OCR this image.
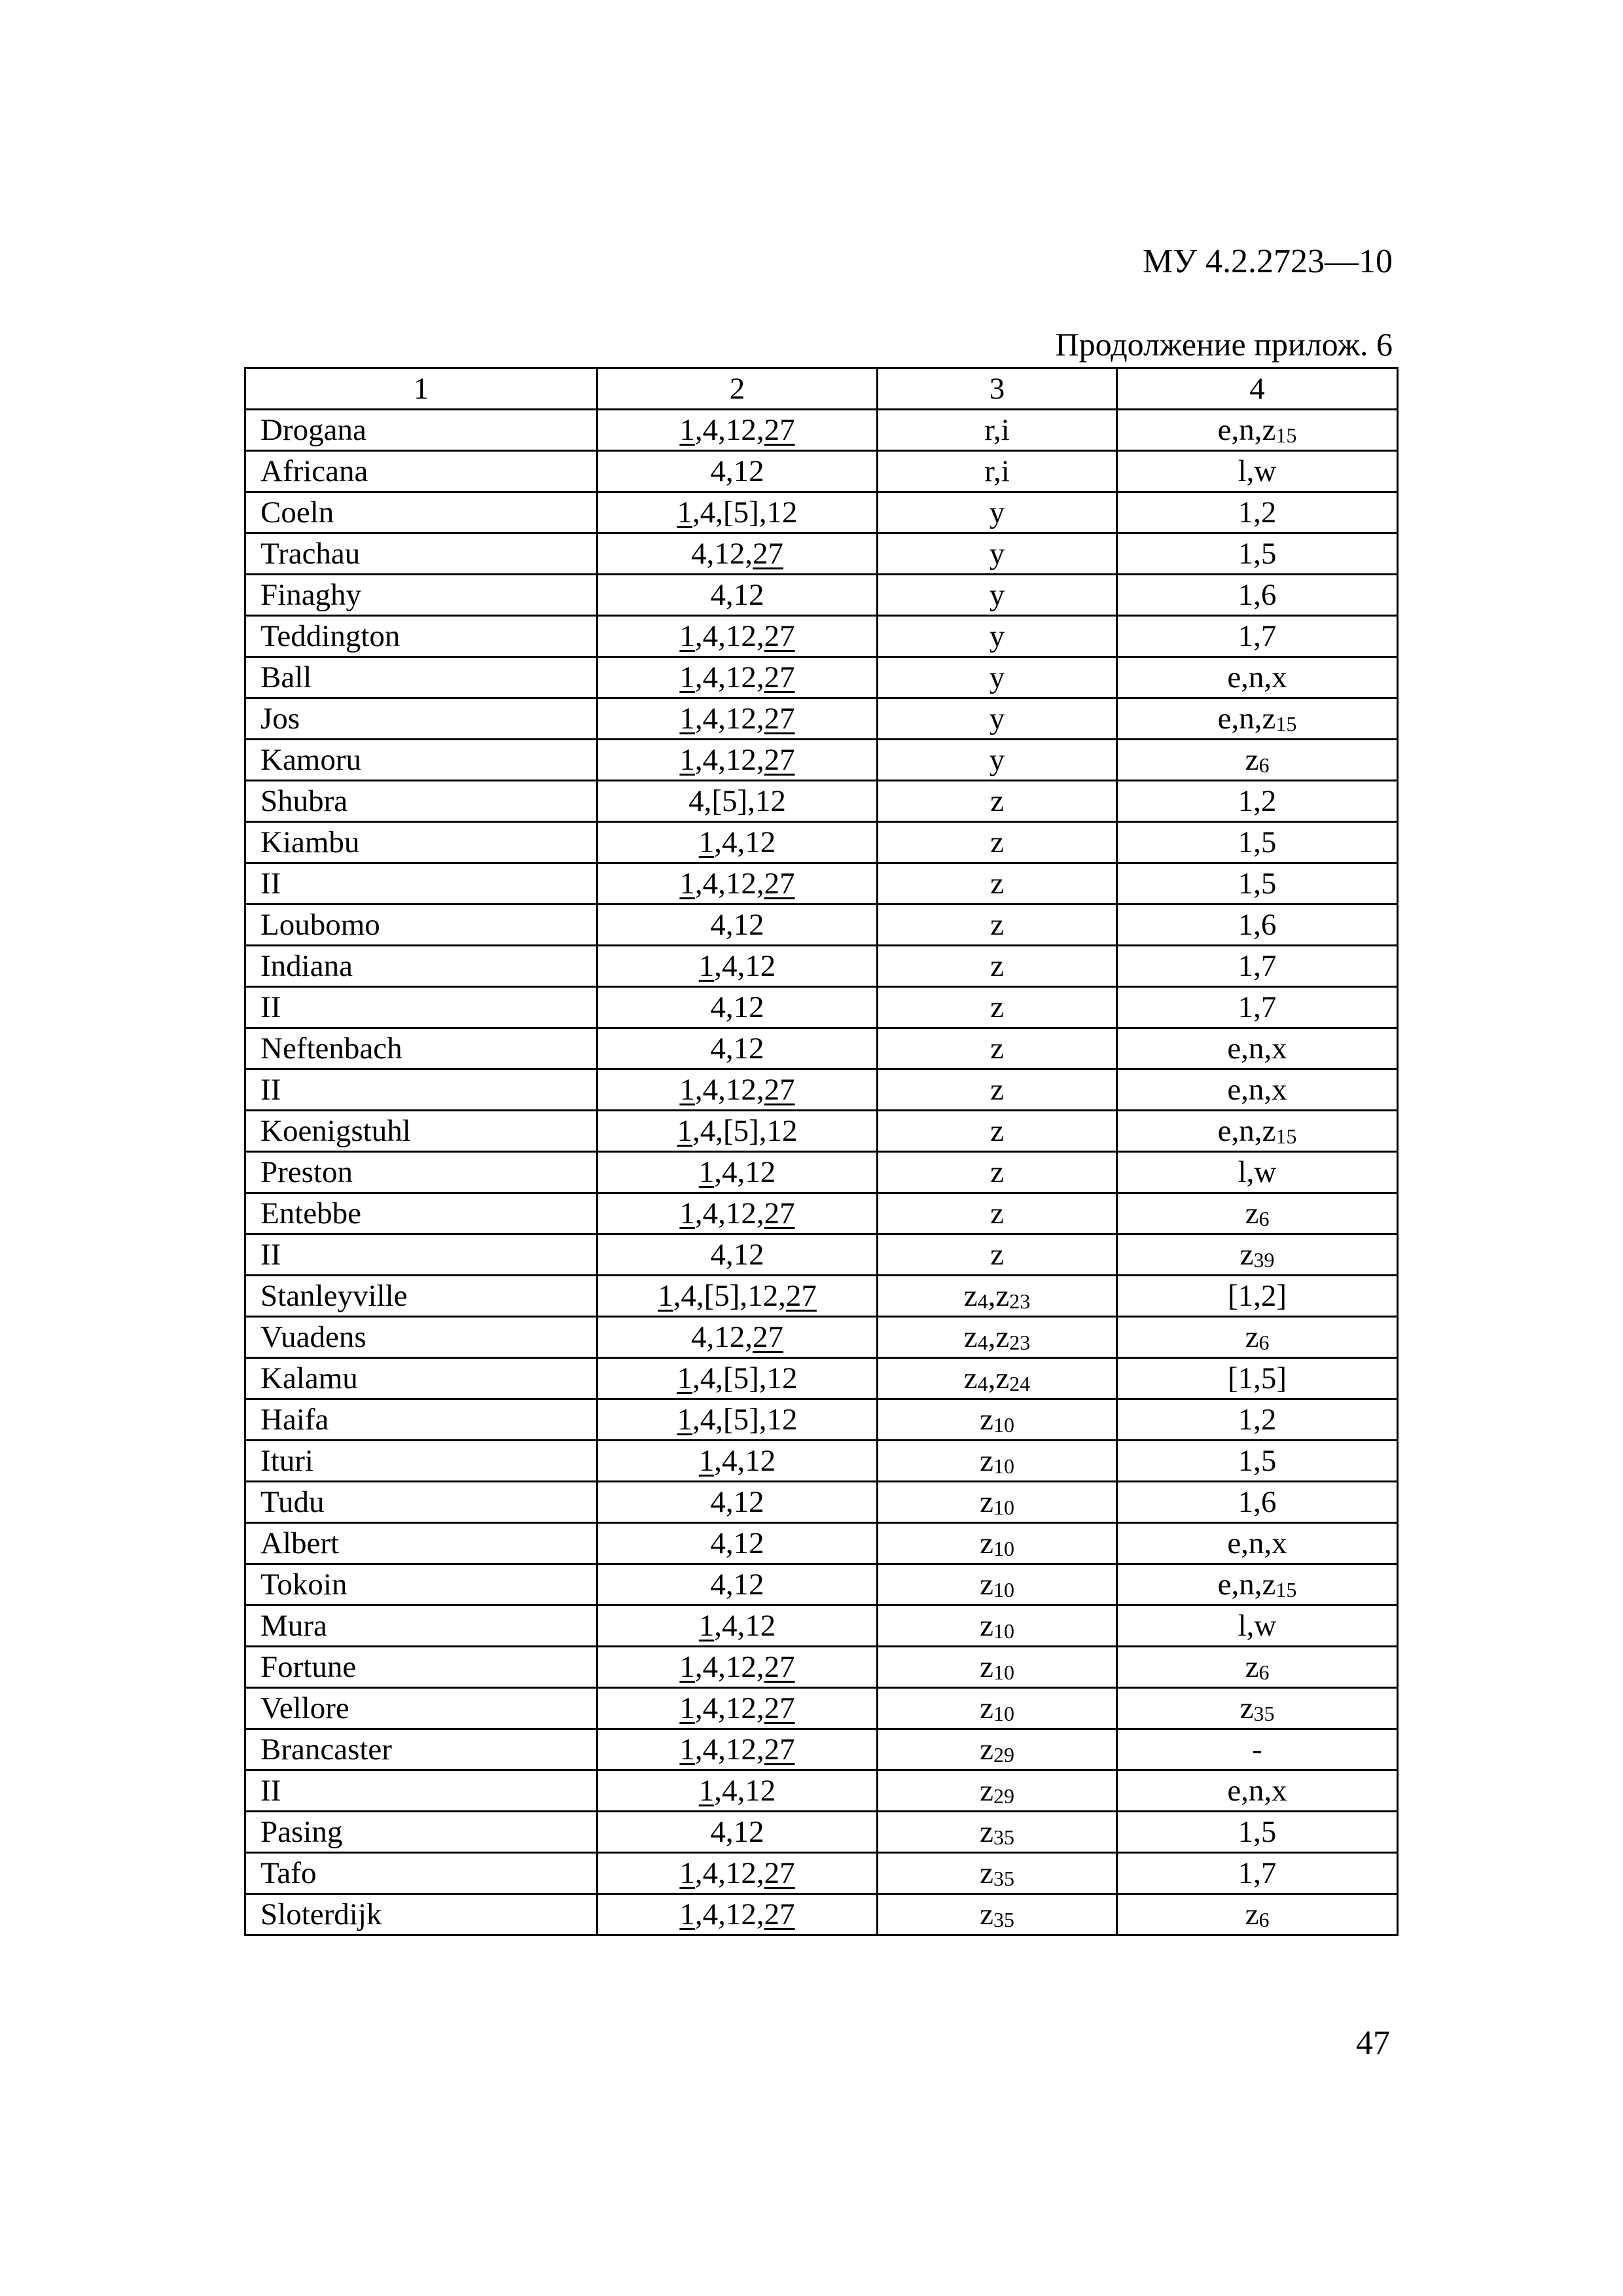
МУ 4.2.2723—10
Продолжение прилож. 6
1	2	3	4
Drogana	1,4,12,27	r,i	$e,n,z_{15}$
Africana	4,12	r,i	l,w
Coeln	1,4,[5],12	y	1,2
Trachau	4,12,27	y	1,5
Finaghy	4,12	y	1,6
Teddington	1,4,12,27	y	1,7
Ball	1,4,12,27	y	e,n,x
Jos	1,4,12,27	y	$e,n,z_{15}$
Kamoru	1,4,12,27	y	$z_6$
Shubra	4,[5],12	z	1,2
Kiambu	1,4,12	z	1,5
II	1,4,12,27	z	1,5
Loubomo	4,12	z	1,6
Indiana	1,4,12	z	1,7
II	4,12	z	1,7
Neftenbach	4,12	z	e,n,x
II	1,4,12,27	z	e,n,x
Koenigstuhl	1,4,[5],12	z	$e,n,z_{15}$
Preston	1,4,12	z	l,w
Entebbe	1,4,12,27	z	$z_6$
II	4,12	z	$z_{39}$
Stanleyville	1,4,[5],12,27	$z_4,z_{23}$	[1,2]
Vuadens	4,12,27	$z_4,z_{23}$	$z_6$
Kalamu	1,4,[5],12	$z_4,z_{24}$	[1,5]
Haifa	1,4,[5],12	$z_{10}$	1,2
Ituri	1,4,12	$z_{10}$	1,5
Tudu	4,12	$z_{10}$	1,6
Albert	4,12	$z_{10}$	e,n,x
Tokoin	4,12	$z_{10}$	$e,n,z_{15}$
Mura	1,4,12	$z_{10}$	l,w
Fortune	1,4,12,27	$z_{10}$	$z_6$
Vellore	1,4,12,27	$z_{10}$	$z_{35}$
Brancaster	1,4,12,27	$z_{29}$	-
II	1,4,12	$z_{29}$	e,n,x
Pasing	4,12	$z_{35}$	1,5
Tafo	1,4,12,27	$z_{35}$	1,7
Sloterdijk	1,4,12,27	$z_{35}$	$z_6$
47
